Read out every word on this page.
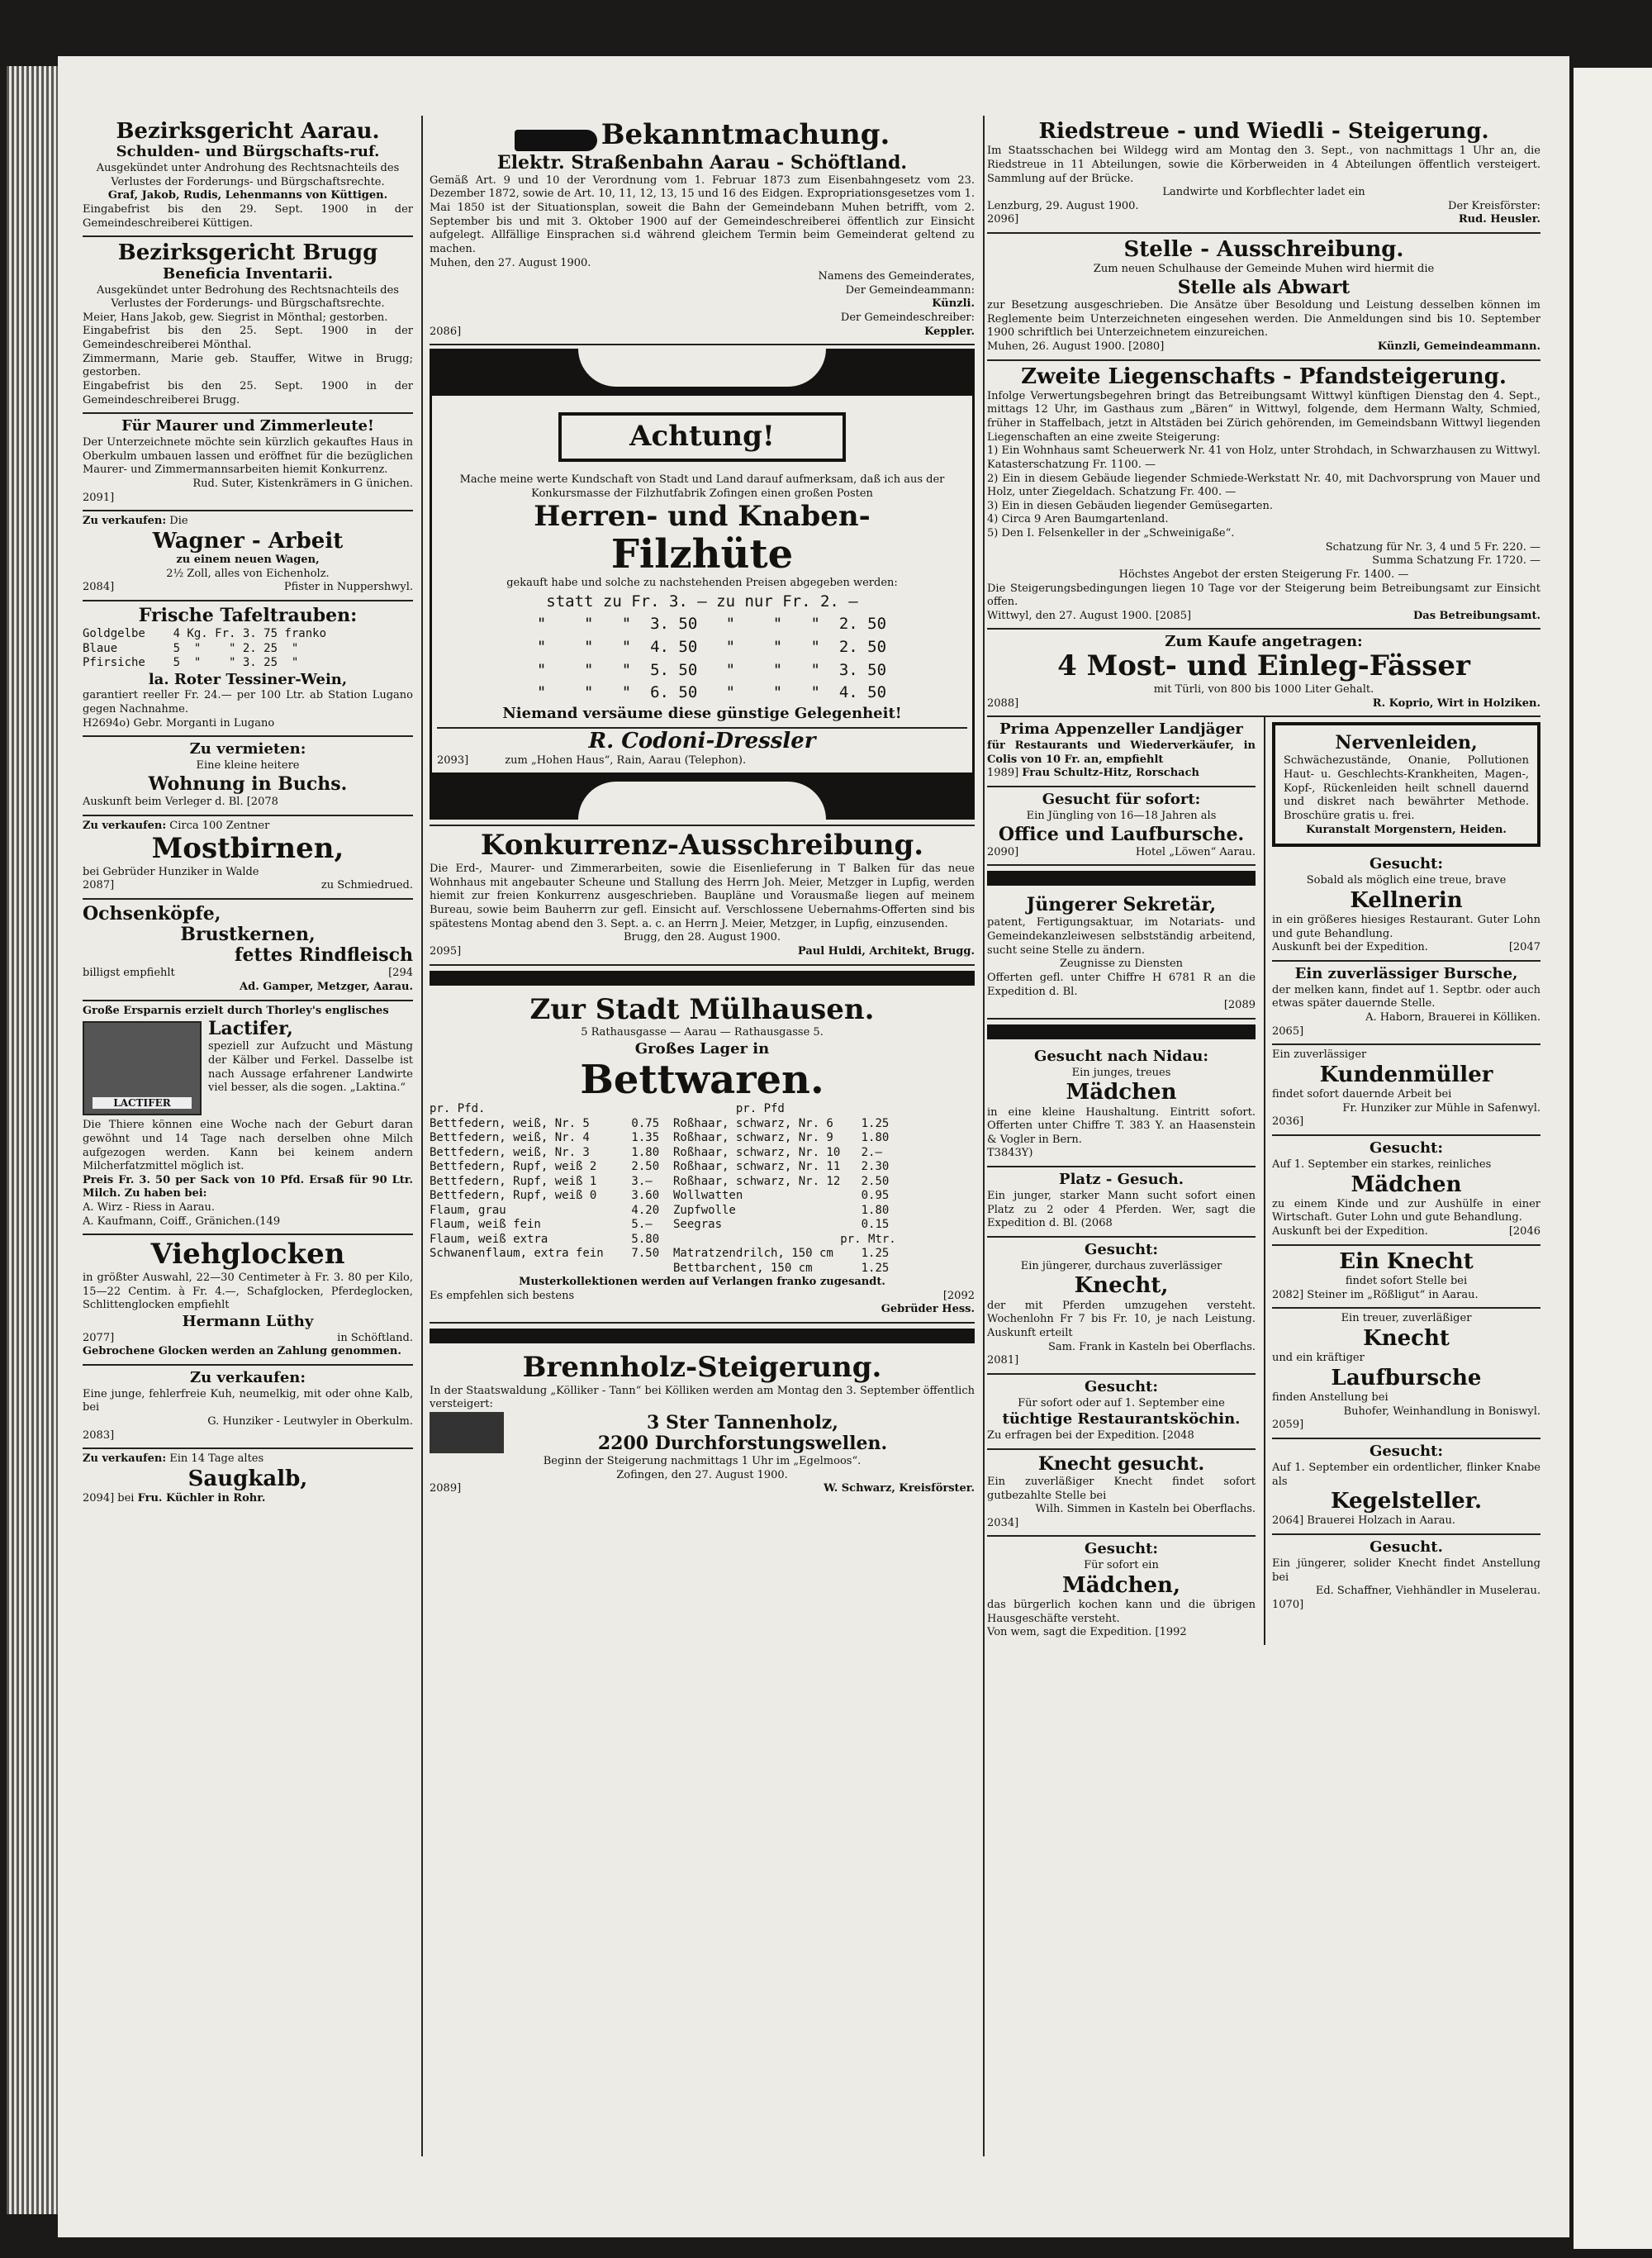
Bezirksgericht Aarau.
Schulden- und Bürgschafts-ruf.

Ausgekündet unter Androhung des Rechtsnachteils des Verlustes der Forderungs- und Bürgschaftsrechte.

Graf, Jakob, Rudis, Lehenmanns von Küttigen.

Eingabefrist bis den 29. Sept. 1900 in der Gemeindeschreiberei Küttigen.

Bezirksgericht Brugg
Beneficia Inventarii.

Ausgekündet unter Bedrohung des Rechtsnachteils des Verlustes der Forderungs- und Bürgschaftsrechte.

Meier, Hans Jakob, gew. Siegrist in Mönthal; gestorben.

Eingabefrist bis den 25. Sept. 1900 in der Gemeindeschreiberei Mönthal.

Zimmermann, Marie geb. Stauffer, Witwe in Brugg; gestorben.

Eingabefrist bis den 25. Sept. 1900 in der Gemeindeschreiberei Brugg.

Für Maurer und Zimmerleute!

Der Unterzeichnete möchte sein kürzlich gekauftes Haus in Oberkulm umbauen lassen und eröffnet für die bezüglichen Maurer- und Zimmermannsarbeiten hiemit Konkurrenz.

Rud. Suter, Kistenkrämers in G ünichen.

2091]

Zu verkaufen: Die

Wagner - Arbeit
zu einem neuen Wagen,

2½ Zoll, alles von Eichenholz.

2084]	Pfister in Nuppershwyl.

Frische Tafeltrauben:
Goldgelbe    4 Kg. Fr. 3. 75 franko
Blaue        5  "    " 2. 25  "
Pfirsiche    5  "    " 3. 25  "
la. Roter Tessiner-Wein,

garantiert reeller Fr. 24.— per 100 Ltr. ab Station Lugano gegen Nachnahme.

H2694o) Gebr. Morganti in Lugano

Zu vermieten:

Eine kleine heitere

Wohnung in Buchs.

Auskunft beim Verleger d. Bl. [2078

Zu verkaufen: Circa 100 Zentner

Mostbirnen,

bei Gebrüder Hunziker in Walde

2087]	zu Schmiedrued.

Ochsenköpfe,
Brustkernen,
fettes Rindfleisch

billigst empfiehlt	[294

Ad. Gamper, Metzger, Aarau.

Große Ersparnis erzielt durch Thorley's englisches

LACTIFER
Lactifer,

speziell zur Aufzucht und Mästung der Kälber und Ferkel. Dasselbe ist nach Aussage erfahrener Landwirte viel besser, als die sogen. „Laktina.“

Die Thiere können eine Woche nach der Geburt daran gewöhnt und 14 Tage nach derselben ohne Milch aufgezogen werden. Kann bei keinem andern Milcherfatzmittel möglich ist.

Preis Fr. 3. 50 per Sack von 10 Pfd. Ersaß für 90 Ltr. Milch. Zu haben bei:

A. Wirz - Riess in Aarau.

A. Kaufmann, Coiff., Gränichen.(149

Viehglocken

in größter Auswahl, 22—30 Centimeter à Fr. 3. 80 per Kilo, 15—22 Centim. à Fr. 4.—, Schafglocken, Pferdeglocken, Schlittenglocken empfiehlt

Hermann Lüthy

2077]	in Schöftland.

Gebrochene Glocken werden an Zahlung genommen.

Zu verkaufen:

Eine junge, fehlerfreie Kuh, neumelkig, mit oder ohne Kalb, bei

G. Hunziker - Leutwyler in Oberkulm.

2083]

Zu verkaufen: Ein 14 Tage altes

Saugkalb,

2094] bei Fru. Küchler in Rohr.

Bekanntmachung.
Elektr. Straßenbahn Aarau - Schöftland.

Gemäß Art. 9 und 10 der Verordnung vom 1. Februar 1873 zum Eisenbahngesetz vom 23. Dezember 1872, sowie de Art. 10, 11, 12, 13, 15 und 16 des Eidgen. Expropriationsgesetzes vom 1. Mai 1850 ist der Situationsplan, soweit die Bahn der Gemeindebann Muhen betrifft, vom 2. September bis und mit 3. Oktober 1900 auf der Gemeindeschreiberei öffentlich zur Einsicht aufgelegt. Allfällige Einsprachen si.d während gleichem Termin beim Gemeinderat geltend zu machen.

Muhen, den 27. August 1900.

Namens des Gemeinderates,

Der Gemeindeammann:

Künzli.

Der Gemeindeschreiber:

2086]	Keppler.

Achtung!

Mache meine werte Kundschaft von Stadt und Land darauf aufmerksam, daß ich aus der Konkursmasse der Filzhutfabrik Zofingen einen großen Posten

Herren- und Knaben-
Filzhüte

gekauft habe und solche zu nachstehenden Preisen abgegeben werden:

statt zu Fr. 3. — zu nur Fr. 2. —
"    "   "  3. 50   "    "   "  2. 50
"    "   "  4. 50   "    "   "  2. 50
"    "   "  5. 50   "    "   "  3. 50
"    "   "  6. 50   "    "   "  4. 50
Niemand versäume diese günstige Gelegenheit!
R. Codoni-Dressler

2093]	zum „Hohen Haus“, Rain, Aarau (Telephon).

Konkurrenz-Ausschreibung.

Die Erd-, Maurer- und Zimmerarbeiten, sowie die Eisenlieferung in T Balken für das neue Wohnhaus mit angebauter Scheune und Stallung des Herrn Joh. Meier, Metzger in Lupfig, werden hiemit zur freien Konkurrenz ausgeschrieben. Baupläne und Vorausmaße liegen auf meinem Bureau, sowie beim Bauherrn zur gefl. Einsicht auf. Verschlossene Uebernahms-Offerten sind bis spätestens Montag abend den 3. Sept. a. c. an Herrn J. Meier, Metzger, in Lupfig, einzusenden.

Brugg, den 28. August 1900.

2095]	Paul Huldi, Architekt, Brugg.

Zur Stadt Mülhausen.

5 Rathausgasse — Aarau — Rathausgasse 5.

Großes Lager in
Bettwaren.
pr. Pfd.                                    pr. Pfd
Bettfedern, weiß, Nr. 5      0.75  Roßhaar, schwarz, Nr. 6    1.25
Bettfedern, weiß, Nr. 4      1.35  Roßhaar, schwarz, Nr. 9    1.80
Bettfedern, weiß, Nr. 3      1.80  Roßhaar, schwarz, Nr. 10   2.—
Bettfedern, Rupf, weiß 2     2.50  Roßhaar, schwarz, Nr. 11   2.30
Bettfedern, Rupf, weiß 1     3.—   Roßhaar, schwarz, Nr. 12   2.50
Bettfedern, Rupf, weiß 0     3.60  Wollwatten                 0.95
Flaum, grau                  4.20  Zupfwolle                  1.80
Flaum, weiß fein             5.—   Seegras                    0.15
Flaum, weiß extra            5.80                          pr. Mtr.
Schwanenflaum, extra fein    7.50  Matratzendrilch, 150 cm    1.25
Bettbarchent, 150 cm       1.25

Musterkollektionen werden auf Verlangen franko zugesandt.

Es empfehlen sich bestens	[2092

Gebrüder Hess.

Brennholz-Steigerung.

In der Staatswaldung „Kölliker - Tann“ bei Kölliken werden am Montag den 3. September öffentlich versteigert:

3 Ster Tannenholz,
2200 Durchforstungswellen.

Beginn der Steigerung nachmittags 1 Uhr im „Egelmoos“.

Zofingen, den 27. August 1900.

2089]	W. Schwarz, Kreisförster.

Riedstreue - und Wiedli - Steigerung.

Im Staatsschachen bei Wildegg wird am Montag den 3. Sept., von nachmittags 1 Uhr an, die Riedstreue in 11 Abteilungen, sowie die Körberweiden in 4 Abteilungen öffentlich versteigert. Sammlung auf der Brücke.

Landwirte und Korbflechter ladet ein

Lenzburg, 29. August 1900.	Der Kreisförster:

2096]	Rud. Heusler.

Stelle - Ausschreibung.

Zum neuen Schulhause der Gemeinde Muhen wird hiermit die

Stelle als Abwart

zur Besetzung ausgeschrieben. Die Ansätze über Besoldung und Leistung desselben können im Reglemente beim Unterzeichneten eingesehen werden. Die Anmeldungen sind bis 10. September 1900 schriftlich bei Unterzeichnetem einzureichen.

Muhen, 26. August 1900. [2080]	Künzli, Gemeindeammann.

Zweite Liegenschafts - Pfandsteigerung.

Infolge Verwertungsbegehren bringt das Betreibungsamt Wittwyl künftigen Dienstag den 4. Sept., mittags 12 Uhr, im Gasthaus zum „Bären“ in Wittwyl, folgende, dem Hermann Walty, Schmied, früher in Staffelbach, jetzt in Altstäden bei Zürich gehörenden, im Gemeindsbann Wittwyl liegenden Liegenschaften an eine zweite Steigerung:

1) Ein Wohnhaus samt Scheuerwerk Nr. 41 von Holz, unter Strohdach, in Schwarzhausen zu Wittwyl. Katasterschatzung Fr. 1100. —

2) Ein in diesem Gebäude liegender Schmiede-Werkstatt Nr. 40, mit Dachvorsprung von Mauer und Holz, unter Ziegeldach. Schatzung Fr. 400. —

3) Ein in diesen Gebäuden liegender Gemüsegarten.

4) Circa 9 Aren Baumgartenland.

5) Den I. Felsenkeller in der „Schweinigaße“.

Schatzung für Nr. 3, 4 und 5 Fr. 220. —

Summa Schatzung Fr. 1720. —

Höchstes Angebot der ersten Steigerung Fr. 1400. —

Die Steigerungsbedingungen liegen 10 Tage vor der Steigerung beim Betreibungsamt zur Einsicht offen.

Wittwyl, den 27. August 1900. [2085]	Das Betreibungsamt.

Zum Kaufe angetragen:
4 Most- und Einleg-Fässer

mit Türli, von 800 bis 1000 Liter Gehalt.

2088]	R. Koprio, Wirt in Holziken.

Prima Appenzeller Landjäger

für Restaurants und Wiederverkäufer, in Colis von 10 Fr. an, empfiehlt

1989] Frau Schultz-Hitz, Rorschach

Gesucht für sofort:

Ein Jüngling von 16—18 Jahren als

Office und Laufbursche.

2090]	Hotel „Löwen“ Aarau.

Jüngerer Sekretär,

patent, Fertigungsaktuar, im Notariats- und Gemeindekanzleiwesen selbstständig arbeitend, sucht seine Stelle zu ändern.

Zeugnisse zu Diensten

Offerten gefl. unter Chiffre H 6781 R an die Expedition d. Bl.

[2089

Gesucht nach Nidau:

Ein junges, treues

Mädchen

in eine kleine Haushaltung. Eintritt sofort. Offerten unter Chiffre T. 383 Y. an Haasenstein & Vogler in Bern.

T3843Y)

Platz - Gesuch.

Ein junger, starker Mann sucht sofort einen Platz zu 2 oder 4 Pferden. Wer, sagt die Expedition d. Bl. (2068

Gesucht:

Ein jüngerer, durchaus zuverlässiger

Knecht,

der mit Pferden umzugehen versteht. Wochenlohn Fr 7 bis Fr. 10, je nach Leistung. Auskunft erteilt

Sam. Frank in Kasteln bei Oberflachs.

2081]

Gesucht:

Für sofort oder auf 1. September eine

tüchtige Restaurantsköchin.

Zu erfragen bei der Expedition. [2048

Knecht gesucht.

Ein zuverläßiger Knecht findet sofort gutbezahlte Stelle bei

Wilh. Simmen in Kasteln bei Oberflachs.

2034]

Gesucht:

Für sofort ein

Mädchen,

das bürgerlich kochen kann und die übrigen Hausgeschäfte versteht.

Von wem, sagt die Expedition. [1992

Nervenleiden,

Schwächezustände, Onanie, Pollutionen Haut- u. Geschlechts-Krankheiten, Magen-, Kopf-, Rückenleiden heilt schnell dauernd und diskret nach bewährter Methode. Broschüre gratis u. frei.

Kuranstalt Morgenstern, Heiden.

Gesucht:

Sobald als möglich eine treue, brave

Kellnerin

in ein größeres hiesiges Restaurant. Guter Lohn und gute Behandlung.

Auskunft bei der Expedition.	[2047

Ein zuverlässiger Bursche,

der melken kann, findet auf 1. Septbr. oder auch etwas später dauernde Stelle.

A. Haborn, Brauerei in Kölliken.

2065]

Ein zuverlässiger

Kundenmüller

findet sofort dauernde Arbeit bei

Fr. Hunziker zur Mühle in Safenwyl.

2036]

Gesucht:

Auf 1. September ein starkes, reinliches

Mädchen

zu einem Kinde und zur Aushülfe in einer Wirtschaft. Guter Lohn und gute Behandlung.

Auskunft bei der Expedition.	[2046

Ein Knecht

findet sofort Stelle bei

2082] Steiner im „Rößligut“ in Aarau.

Ein treuer, zuverläßiger

Knecht

und ein kräftiger

Laufbursche

finden Anstellung bei

Buhofer, Weinhandlung in Boniswyl.

2059]

Gesucht:

Auf 1. September ein ordentlicher, flinker Knabe als

Kegelsteller.

2064] Brauerei Holzach in Aarau.

Gesucht.

Ein jüngerer, solider Knecht findet Anstellung bei

Ed. Schaffner, Viehhändler in Muselerau.

1070]
